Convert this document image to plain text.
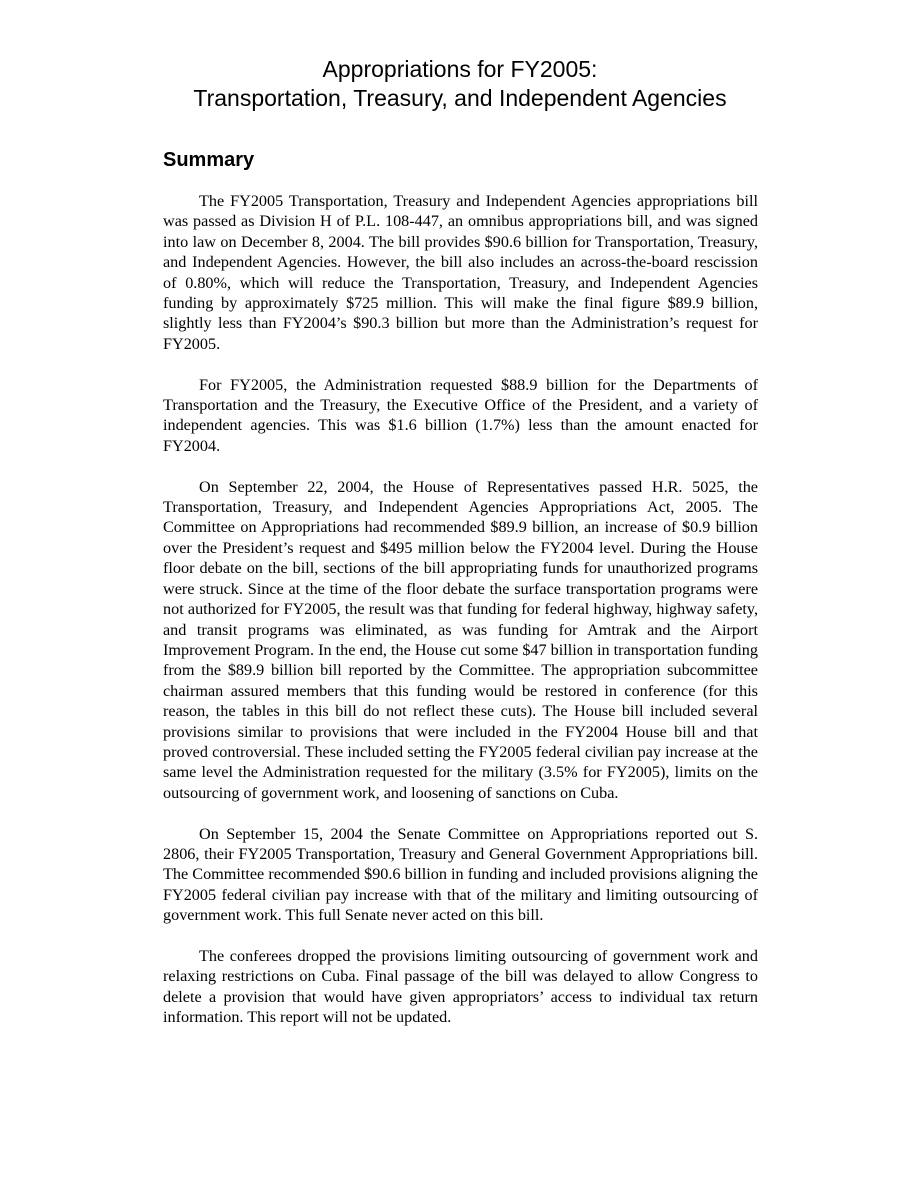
Appropriations for FY2005:
Transportation, Treasury, and Independent Agencies
Summary

The FY2005 Transportation, Treasury and Independent Agencies appropriations bill was passed as Division H of P.L. 108-447, an omnibus appropriations bill, and was signed into law on December 8, 2004. The bill provides $90.6 billion for Transportation, Treasury, and Independent Agencies. However, the bill also includes an across-the-board rescission of 0.80%, which will reduce the Transportation, Treasury, and Independent Agencies funding by approximately $725 million. This will make the final figure $89.9 billion, slightly less than FY2004’s $90.3 billion but more than the Administration’s request for FY2005.

For FY2005, the Administration requested $88.9 billion for the Departments of Transportation and the Treasury, the Executive Office of the President, and a variety of independent agencies. This was $1.6 billion (1.7%) less than the amount enacted for FY2004.

On September 22, 2004, the House of Representatives passed H.R. 5025, the Transportation, Treasury, and Independent Agencies Appropriations Act, 2005. The Committee on Appropriations had recommended $89.9 billion, an increase of $0.9 billion over the President’s request and $495 million below the FY2004 level. During the House floor debate on the bill, sections of the bill appropriating funds for unauthorized programs were struck. Since at the time of the floor debate the surface transportation programs were not authorized for FY2005, the result was that funding for federal highway, highway safety, and transit programs was eliminated, as was funding for Amtrak and the Airport Improvement Program. In the end, the House cut some $47 billion in transportation funding from the $89.9 billion bill reported by the Committee. The appropriation subcommittee chairman assured members that this funding would be restored in conference (for this reason, the tables in this bill do not reflect these cuts). The House bill included several provisions similar to provisions that were included in the FY2004 House bill and that proved controversial. These included setting the FY2005 federal civilian pay increase at the same level the Administration requested for the military (3.5% for FY2005), limits on the outsourcing of government work, and loosening of sanctions on Cuba.

On September 15, 2004 the Senate Committee on Appropriations reported out S. 2806, their FY2005 Transportation, Treasury and General Government Appropriations bill. The Committee recommended $90.6 billion in funding and included provisions aligning the FY2005 federal civilian pay increase with that of the military and limiting outsourcing of government work. This full Senate never acted on this bill.

The conferees dropped the provisions limiting outsourcing of government work and relaxing restrictions on Cuba. Final passage of the bill was delayed to allow Congress to delete a provision that would have given appropriators’ access to individual tax return information. This report will not be updated.
